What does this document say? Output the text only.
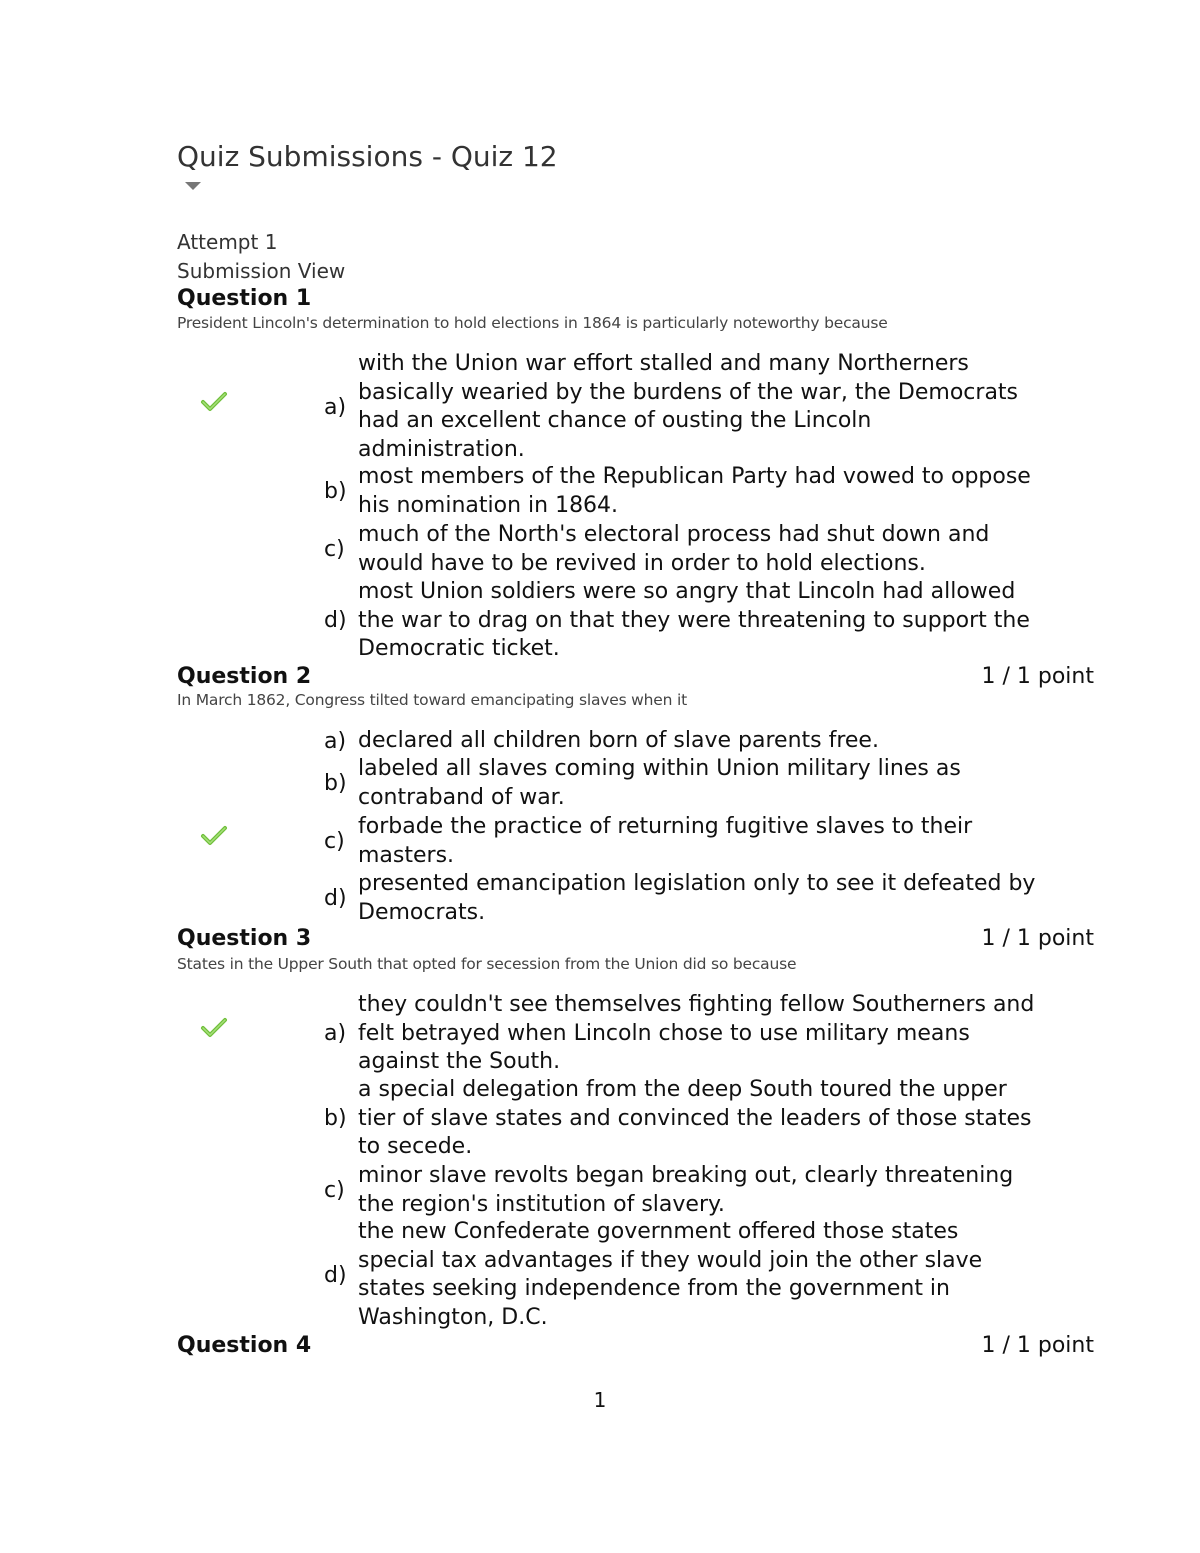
Quiz Submissions - Quiz 12
Attempt 1
Submission View
Question 1
President Lincoln's determination to hold elections in 1864 is particularly noteworthy because
a)
with the Union war effort stalled and many Northerners basically wearied by the burdens of the war, the Democrats had an excellent chance of ousting the Lincoln administration.
b)
most members of the Republican Party had vowed to oppose his nomination in 1864.
c)
much of the North's electoral process had shut down and would have to be revived in order to hold elections.
d)
most Union soldiers were so angry that Lincoln had allowed the war to drag on that they were threatening to support the Democratic ticket.
Question 2	1 / 1 point
In March 1862, Congress tilted toward emancipating slaves when it
a) declared all children born of slave parents free.
b)
labeled all slaves coming within Union military lines as contraband of war.
c)
forbade the practice of returning fugitive slaves to their masters.
d)
presented emancipation legislation only to see it defeated by Democrats.
Question 3	1 / 1 point
States in the Upper South that opted for secession from the Union did so because
a)
they couldn't see themselves fighting fellow Southerners and felt betrayed when Lincoln chose to use military means against the South.
b)
a special delegation from the deep South toured the upper tier of slave states and convinced the leaders of those states to secede.
c)
minor slave revolts began breaking out, clearly threatening the region's institution of slavery.
d)
the new Confederate government offered those states special tax advantages if they would join the other slave states seeking independence from the government in Washington, D.C.
Question 4	1 / 1 point
1
